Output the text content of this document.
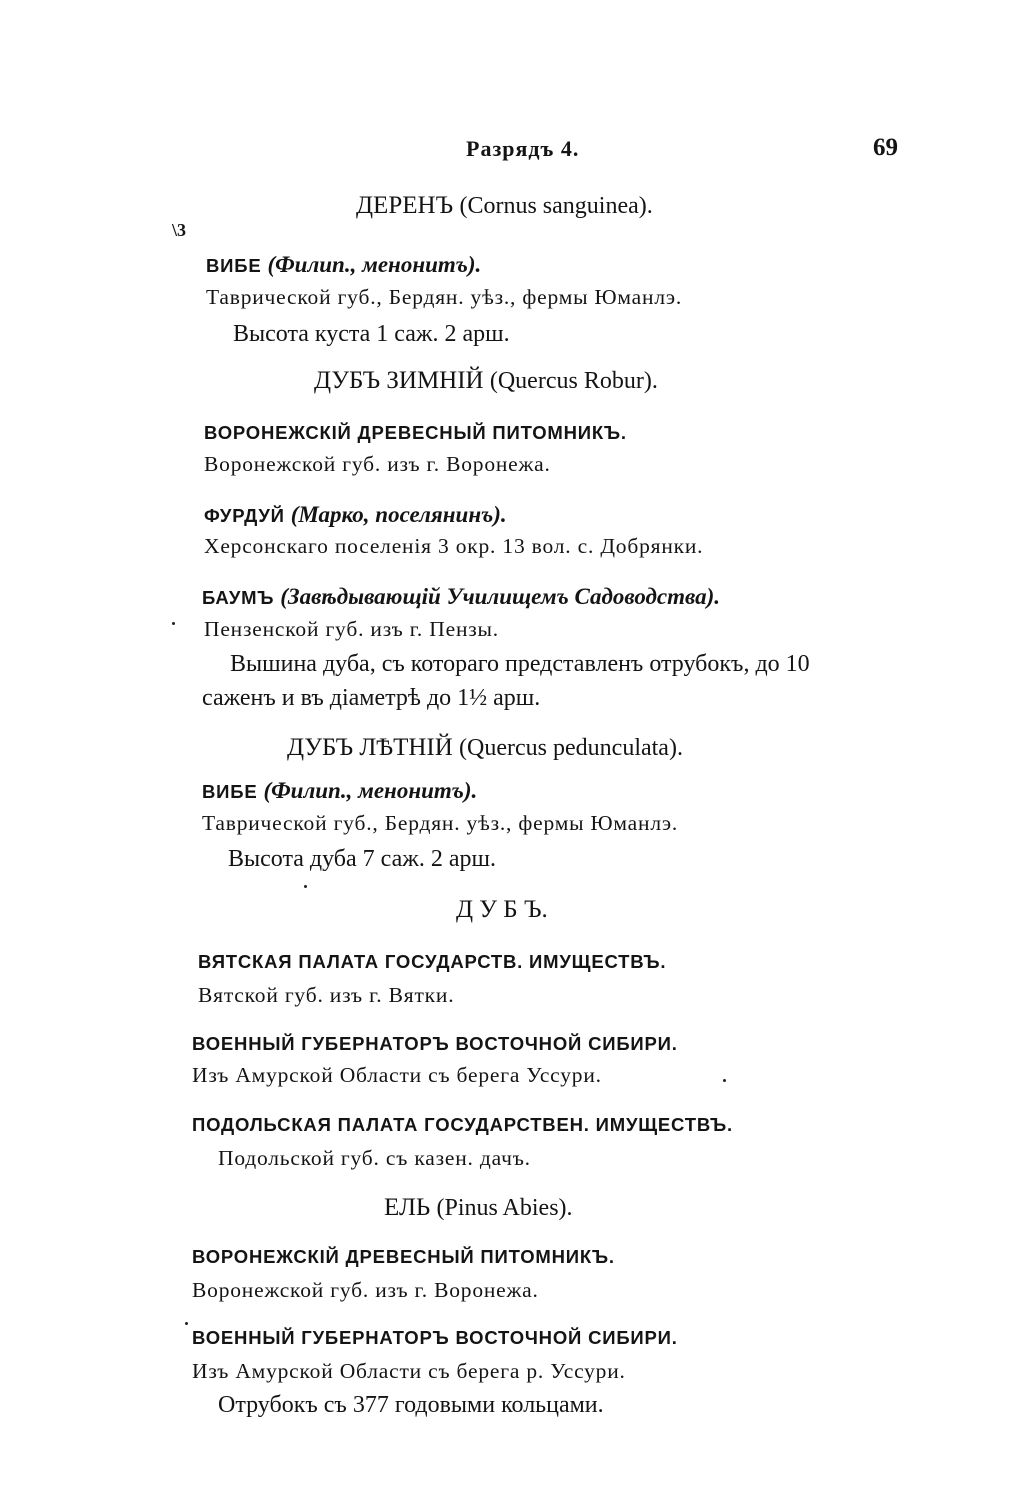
Разрядъ 4.	69
\3
ДЕРЕНЪ (Cornus sanguinea).
ВИБЕ (Филип., менонитъ).
Таврической губ., Бердян. уѣз., фермы Юманлэ.
Высота куста 1 саж. 2 арш.
ДУБЪ ЗИМНІЙ (Quercus Robur).
ВОРОНЕЖСКІЙ ДРЕВЕСНЫЙ ПИТОМНИКЪ.
Воронежской губ. изъ г. Воронежа.
ФУРДУЙ (Марко, поселянинъ).
Херсонскаго поселенія 3 окр. 13 вол. с. Добрянки.
БАУМЪ (Завѣдывающій Училищемъ Садоводства).
Пензенской губ. изъ г. Пензы.
Вышина дуба, съ котораго представленъ отрубокъ, до 10
саженъ и въ діаметрѣ до 1½ арш.
ДУБЪ ЛѢТНІЙ (Quercus pedunculata).
ВИБЕ (Филип., менонитъ).
Таврической губ., Бердян. уѣз., фермы Юманлэ.
Высота дуба 7 саж. 2 арш.
Д У Б Ъ.
ВЯТСКАЯ ПАЛАТА ГОСУДАРСТВ. ИМУЩЕСТВЪ.
Вятской губ. изъ г. Вятки.
ВОЕННЫЙ ГУБЕРНАТОРЪ ВОСТОЧНОЙ СИБИРИ.
Изъ Амурской Области съ берега Уссури.
ПОДОЛЬСКАЯ ПАЛАТА ГОСУДАРСТВЕН. ИМУЩЕСТВЪ.
Подольской губ. съ казен. дачъ.
ЕЛЬ (Pinus Abies).
ВОРОНЕЖСКІЙ ДРЕВЕСНЫЙ ПИТОМНИКЪ.
Воронежской губ. изъ г. Воронежа.
ВОЕННЫЙ ГУБЕРНАТОРЪ ВОСТОЧНОЙ СИБИРИ.
Изъ Амурской Области съ берега р. Уссури.
Отрубокъ съ 377 годовыми кольцами.
